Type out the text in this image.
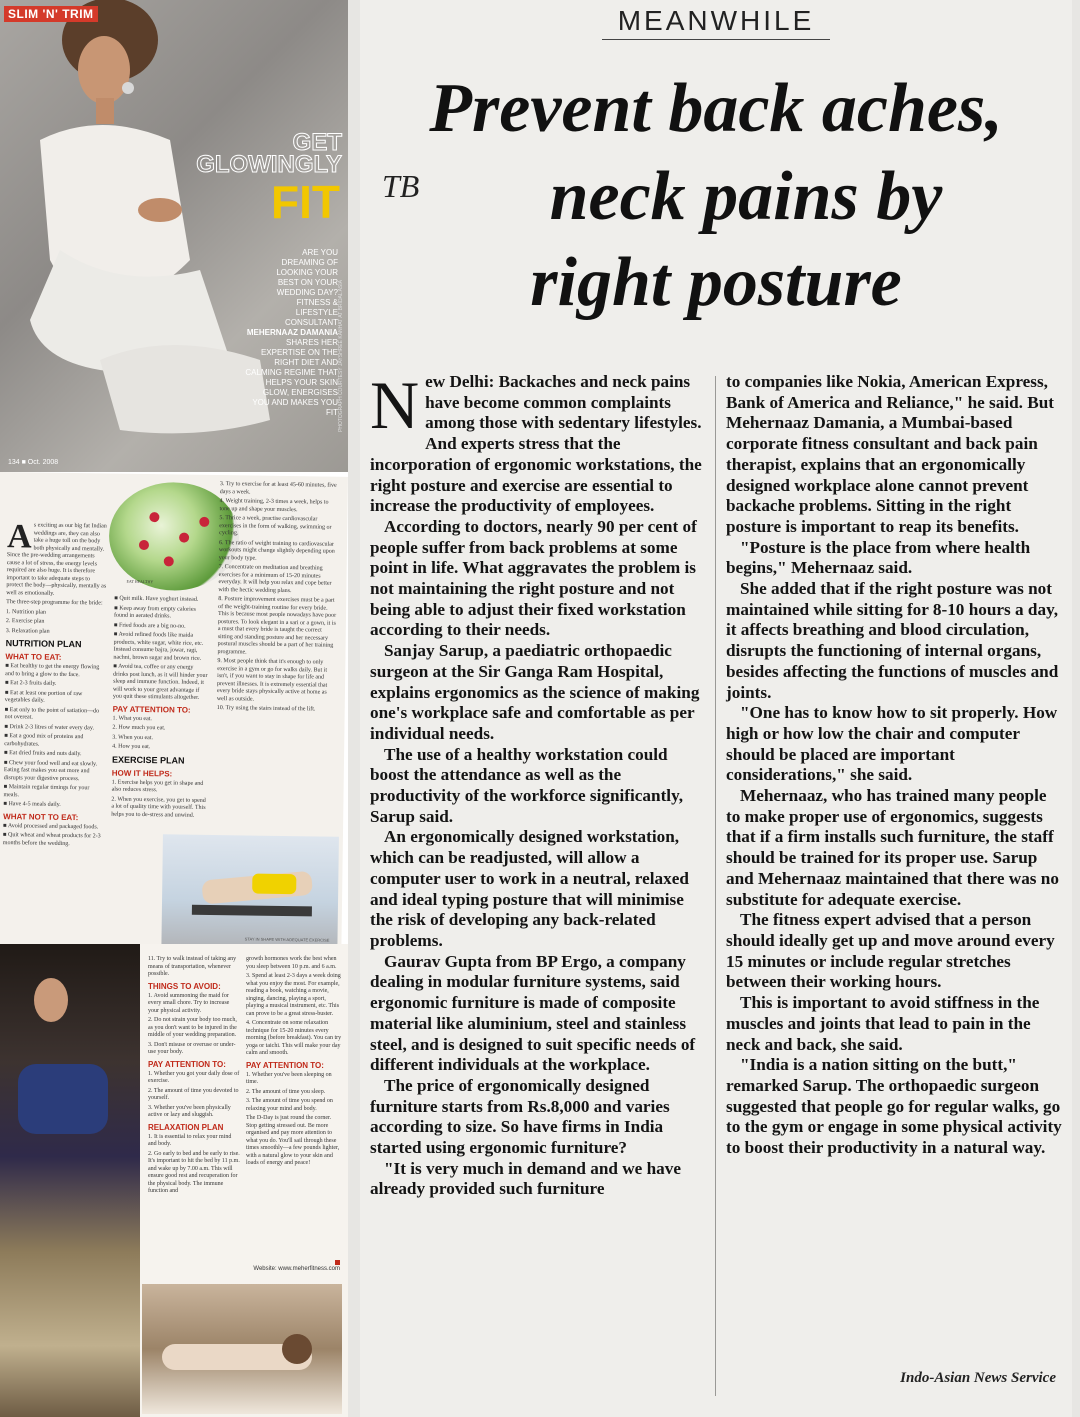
SLIM 'N' TRIM
GET
GLOWINGLY
FIT
ARE YOU
DREAMING OF
LOOKING YOUR
BEST ON YOUR
WEDDING DAY?
FITNESS &
LIFESTYLE
CONSULTANT
MEHERNAAZ DAMANIA
SHARES HER EXPERTISE ON THE RIGHT DIET AND CALMING REGIME THAT HELPS YOUR SKIN GLOW, ENERGISES YOU AND MAKES YOU FIT PHOTOGRAPH COURTESY JAYSHREE KANHAT AT BRIDAL ASIA
134 ■ Oct. 2008
EAT HEALTHY

As exciting as our big fat Indian weddings are, they can also take a huge toll on the body both physically and mentally. Since the pre-wedding arrangements cause a lot of stress, the energy levels required are also huge. It is therefore important to take adequate steps to protect the body—physically, mentally as well as emotionally.

The three-step programme for the bride:

1. Nutrition plan

2. Exercise plan

3. Relaxation plan

NUTRITION PLAN
WHAT TO EAT:

■ Eat healthy to get the energy flowing and to bring a glow to the face.

■ Eat 2-3 fruits daily.

■ Eat at least one portion of raw vegetables daily.

■ Eat only to the point of satiation—do not overeat.

■ Drink 2-3 litres of water every day.

■ Eat a good mix of proteins and carbohydrates.

■ Eat dried fruits and nuts daily.

■ Chew your food well and eat slowly. Eating fast makes you eat more and disrupts your digestive process.

■ Maintain regular timings for your meals.

■ Have 4-5 meals daily.

WHAT NOT TO EAT:

■ Avoid processed and packaged foods.

■ Quit wheat and wheat products for 2-3 months before the wedding.

■ Quit milk. Have yoghurt instead.

■ Keep away from empty calories found in aerated drinks.

■ Fried foods are a big no-no.

■ Avoid refined foods like maida products, white sugar, white rice, etc. Instead consume bajra, jowar, ragi, nachni, brown sugar and brown rice.

■ Avoid tea, coffee or any energy drinks post lunch, as it will hinder your sleep and immune function. Indeed, it will work to your great advantage if you quit these stimulants altogether.

PAY ATTENTION TO:

1. What you eat.

2. How much you eat.

3. When you eat.

4. How you eat.

EXERCISE PLAN
HOW IT HELPS:

1. Exercise helps you get in shape and also reduces stress.

2. When you exercise, you get to spend a lot of quality time with yourself. This helps you to de-stress and unwind.

3. Try to exercise for at least 45-60 minutes, five days a week.

4. Weight training, 2-3 times a week, helps to tone up and shape your muscles.

5. Thrice a week, practise cardiovascular exercises in the form of walking, swimming or cycling.

6. The ratio of weight training to cardiovascular workouts might change slightly depending upon your body type.

7. Concentrate on meditation and breathing exercises for a minimum of 15-20 minutes everyday. It will help you relax and cope better with the hectic wedding plans.

8. Posture improvement exercises must be a part of the weight-training routine for every bride. This is because most people nowadays have poor postures. To look elegant in a sari or a gown, it is a must that every bride is taught the correct sitting and standing posture and her necessary postural muscles should be a part of her training programme.

9. Most people think that it's enough to only exercise in a gym or go for walks daily. But it isn't, if you want to stay in shape for life and prevent illnesses. It is extremely essential that every bride stays physically active at home as well as outside.

10. Try using the stairs instead of the lift.

STAY IN SHAPE WITH ADEQUATE EXERCISE

11. Try to walk instead of taking any means of transportation, whenever possible.

THINGS TO AVOID:

1. Avoid summoning the maid for every small chore. Try to increase your physical activity.

2. Do not strain your body too much, as you don't want to be injured in the middle of your wedding preparation.

3. Don't misuse or overuse or under-use your body.

PAY ATTENTION TO:

1. Whether you got your daily dose of exercise.

2. The amount of time you devoted to yourself.

3. Whether you've been physically active or lazy and sluggish.

RELAXATION PLAN

1. It is essential to relax your mind and body.

2. Go early to bed and be early to rise. It's important to hit the bed by 11 p.m. and wake up by 7.00 a.m. This will ensure good rest and recuperation for the physical body. The immune function and

growth hormones work the best when you sleep between 10 p.m. and 6 a.m.

3. Spend at least 2-3 days a week doing what you enjoy the most. For example, reading a book, watching a movie, singing, dancing, playing a sport, playing a musical instrument, etc. This can prove to be a great stress-buster.

4. Concentrate on some relaxation technique for 15-20 minutes every morning (before breakfast). You can try yoga or taichi. This will make your day calm and smooth.

PAY ATTENTION TO:

1. Whether you've been sleeping on time.

2. The amount of time you sleep.

3. The amount of time you spend on relaxing your mind and body.

The D-Day is just round the corner. Stop getting stressed out. Be more organised and pay more attention to what you do. You'll sail through these times smoothly—a few pounds lighter, with a natural glow to your skin and loads of energy and peace!

Website: www.meherfitness.com
MEANWHILE
Prevent back aches,
neck pains by
right posture
TB

New Delhi: Backaches and neck pains have become common complaints among those with sedentary lifestyles. And experts stress that the incorporation of ergonomic workstations, the right posture and exercise are essential to increase the productivity of employees.

According to doctors, nearly 90 per cent of people suffer from back problems at some point in life. What aggravates the problem is not maintaining the right posture and not being able to adjust their fixed workstation according to their needs.

Sanjay Sarup, a paediatric orthopaedic surgeon at the Sir Ganga Ram Hospital, explains ergonomics as the science of making one's workplace safe and comfortable as per individual needs.

The use of a healthy workstation could boost the attendance as well as the productivity of the workforce significantly, Sarup said.

An ergonomically designed workstation, which can be readjusted, will allow a computer user to work in a neutral, relaxed and ideal typing posture that will minimise the risk of developing any back-related problems.

Gaurav Gupta from BP Ergo, a company dealing in modular furniture systems, said ergonomic furniture is made of composite material like aluminium, steel and stainless steel, and is designed to suit specific needs of different individuals at the workplace.

The price of ergonomically designed furniture starts from Rs.8,000 and varies according to size. So have firms in India started using ergonomic furniture?

"It is very much in demand and we have already provided such furniture

to companies like Nokia, American Express, Bank of America and Reliance," he said. But Mehernaaz Damania, a Mumbai-based corporate fitness consultant and back pain therapist, explains that an ergonomically designed workplace alone cannot prevent backache problems. Sitting in the right posture is important to reap its benefits.

"Posture is the place from where health begins," Mehernaaz said.

She added that if the right posture was not maintained while sitting for 8-10 hours a day, it affects breathing and blood circulation, disrupts the functioning of internal organs, besides affecting the functions of muscles and joints.

"One has to know how to sit properly. How high or how low the chair and computer should be placed are important considerations," she said.

Mehernaaz, who has trained many people to make proper use of ergonomics, suggests that if a firm installs such furniture, the staff should be trained for its proper use. Sarup and Mehernaaz maintained that there was no substitute for adequate exercise.

The fitness expert advised that a person should ideally get up and move around every 15 minutes or include regular stretches between their working hours.

This is important to avoid stiffness in the muscles and joints that lead to pain in the neck and back, she said.

"India is a nation sitting on the butt," remarked Sarup. The orthopaedic surgeon suggested that people go for regular walks, go to the gym or engage in some physical activity to boost their productivity in a natural way.

Indo-Asian News Service
